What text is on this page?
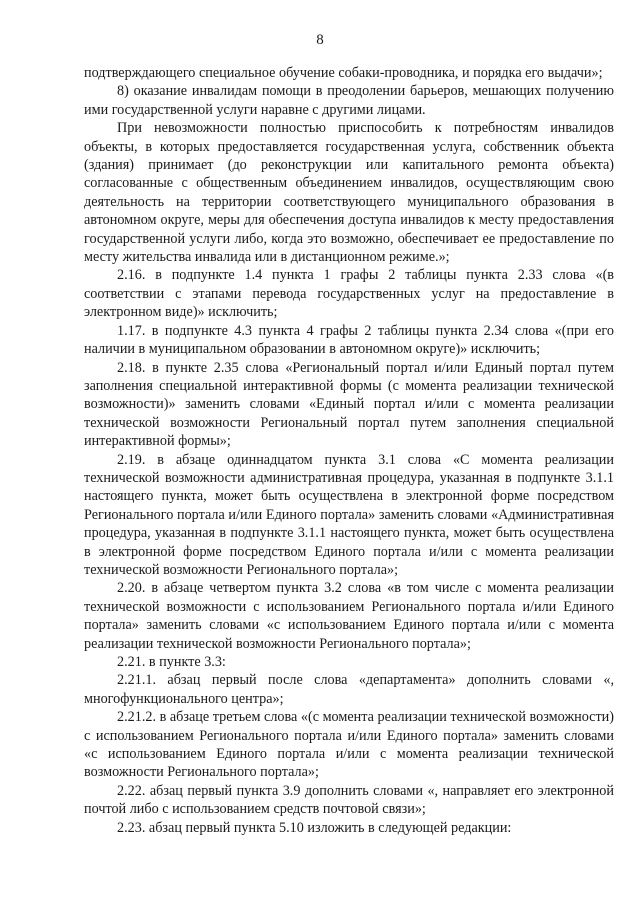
8

подтверждающего специальное обучение собаки-проводника, и порядка его выдачи»;

8) оказание инвалидам помощи в преодолении барьеров, мешающих получению ими государственной услуги наравне с другими лицами.

При невозможности полностью приспособить к потребностям инвалидов объекты, в которых предоставляется государственная услуга, собственник объекта (здания) принимает (до реконструкции или капитального ремонта объекта) согласованные с общественным объединением инвалидов, осуществляющим свою деятельность на территории соответствующего муниципального образования в автономном округе, меры для обеспечения доступа инвалидов к месту предоставления государственной услуги либо, когда это возможно, обеспечивает ее предоставление по месту жительства инвалида или в дистанционном режиме.»;

2.16. в подпункте 1.4 пункта 1 графы 2 таблицы пункта 2.33 слова «(в соответствии с этапами перевода государственных услуг на предоставление в электронном виде)» исключить;

1.17. в подпункте 4.3 пункта 4 графы 2 таблицы пункта 2.34 слова «(при его наличии в муниципальном образовании в автономном округе)» исключить;

2.18. в пункте 2.35 слова «Региональный портал и/или Единый портал путем заполнения специальной интерактивной формы (с момента реализации технической возможности)» заменить словами «Единый портал и/или с момента реализации технической возможности Региональный портал путем заполнения специальной интерактивной формы»;

2.19. в абзаце одиннадцатом пункта 3.1 слова «С момента реализации технической возможности административная процедура, указанная в подпункте 3.1.1 настоящего пункта, может быть осуществлена в электронной форме посредством Регионального портала и/или Единого портала» заменить словами «Административная процедура, указанная в подпункте 3.1.1 настоящего пункта, может быть осуществлена в электронной форме посредством Единого портала и/или с момента реализации технической возможности Регионального портала»;

2.20. в абзаце четвертом пункта 3.2 слова «в том числе с момента реализации технической возможности с использованием Регионального портала и/или Единого портала» заменить словами «с использованием Единого портала и/или с момента реализации технической возможности Регионального портала»;

2.21. в пункте 3.3:

2.21.1. абзац первый после слова «департамента» дополнить словами «, многофункционального центра»;

2.21.2. в абзаце третьем слова «(с момента реализации технической возможности) с использованием Регионального портала и/или Единого портала» заменить словами «с использованием Единого портала и/или с момента реализации технической возможности Регионального портала»;

2.22. абзац первый пункта 3.9 дополнить словами «, направляет его электронной почтой либо с использованием средств почтовой связи»;

2.23. абзац первый пункта 5.10 изложить в следующей редакции:
